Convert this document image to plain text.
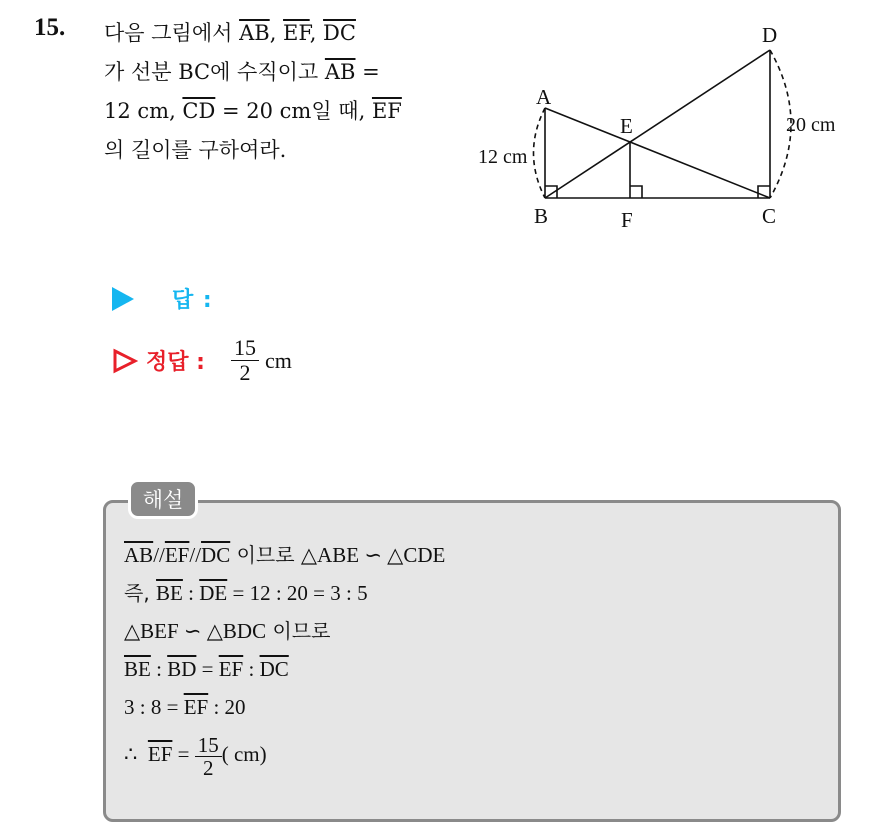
15. 다음 그림에서 $\overline{AB}$, $\overline{EF}$, $\overline{DC}$
가 선분 BC에 수직이고 $\overline{AB}$ =
12 cm, $\overline{CD} = 20$ cm일 때, $\overline{EF}$
의 길이를 구하여라.
A
B	C
D
E
F
12 cm
20 cm
답 :
정답 : $\frac{15}{2}$ cm
해설
$\overline{AB}//\overline{EF}//\overline{DC}$ 이므로 △ABE ∽ △CDE
즉, $\overline{BE}$ : $\overline{DE} = 12$ : 20 = 3 : 5
△BEF ∽ △BDC 이므로
$\overline{BE}$ : $\overline{BD} = \overline{EF}$ : $\overline{DC}$
3 : $8 = \overline{EF}$ : 20
∴ $\overline{EF} = \frac{15}{2}$ ( cm)
